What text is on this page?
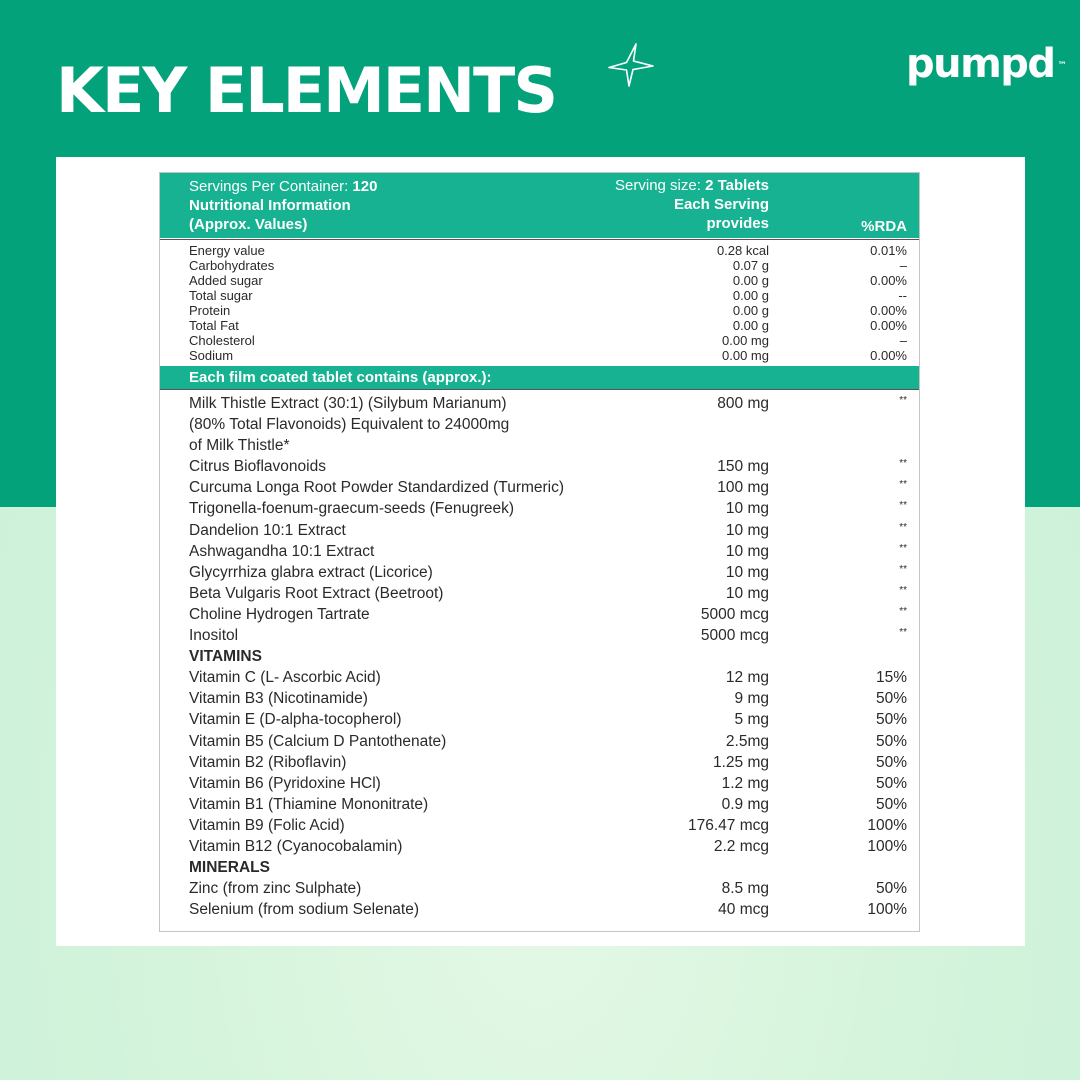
KEY ELEMENTS	pumpd ™
Servings Per Container: 120
Nutritional Information
(Approx. Values)
Serving size: 2 Tablets
Each Serving
provides	%RDA
Energy value	0.28 kcal	0.01%
Carbohydrates	0.07 g	–
Added sugar	0.00 g	0.00%
Total sugar	0.00 g	--
Protein	0.00 g	0.00%
Total Fat	0.00 g	0.00%
Cholesterol	0.00 mg	–
Sodium	0.00 mg	0.00%
Each film coated tablet contains (approx.):
Milk Thistle Extract (30:1) (Silybum Marianum)	800 mg	**
(80% Total Flavonoids) Equivalent to 24000mg
of Milk Thistle*
Citrus Bioflavonoids	150 mg	**
Curcuma Longa Root Powder Standardized (Turmeric)	100 mg	**
Trigonella-foenum-graecum-seeds (Fenugreek)	10 mg	**
Dandelion 10:1 Extract	10 mg	**
Ashwagandha 10:1 Extract	10 mg	**
Glycyrrhiza glabra extract (Licorice)	10 mg	**
Beta Vulgaris Root Extract (Beetroot)	10 mg	**
Choline Hydrogen Tartrate	5000 mcg	**
Inositol	5000 mcg	**
VITAMINS
Vitamin C (L- Ascorbic Acid)	12 mg	15%
Vitamin B3 (Nicotinamide)	9 mg	50%
Vitamin E (D-alpha-tocopherol)	5 mg	50%
Vitamin B5 (Calcium D Pantothenate)	2.5mg	50%
Vitamin B2 (Riboflavin)	1.25 mg	50%
Vitamin B6 (Pyridoxine HCl)	1.2 mg	50%
Vitamin B1 (Thiamine Mononitrate)	0.9 mg	50%
Vitamin B9 (Folic Acid)	176.47 mcg	100%
Vitamin B12 (Cyanocobalamin)	2.2 mcg	100%
MINERALS
Zinc (from zinc Sulphate)	8.5 mg	50%
Selenium (from sodium Selenate)	40 mcg	100%
